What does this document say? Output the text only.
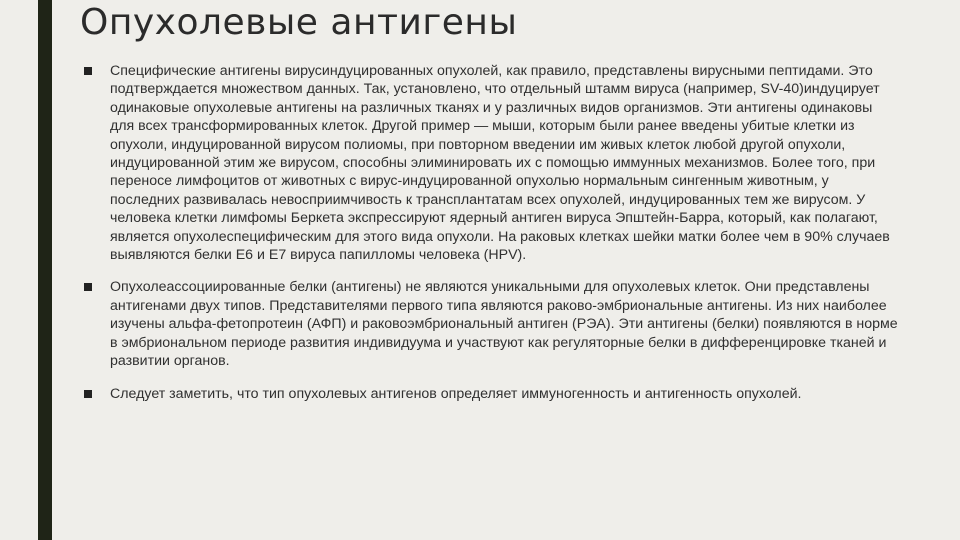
Опухолевые антигены
Специфические антигены вирусиндуцированных опухолей, как правило, представлены вирусными пептидами. Это подтверждается множеством данных. Так, установлено, что отдельный штамм вируса (например, SV-40)индуцирует одинаковые опухолевые антигены на различных тканях и у различных видов организмов. Эти антигены одинаковы для всех трансформированных клеток. Другой пример — мыши, которым были ранее введены убитые клетки из опухоли, индуцированной вирусом полиомы, при повторном введении им живых клеток любой другой опухоли, индуцированной этим же вирусом, способны элиминировать их с помощью иммунных механизмов. Более того, при переносе лимфоцитов от животных с вирус-индуцированной опухолью нормальным сингенным животным, у последних развивалась невосприимчивость к трансплантатам всех опухолей, индуцированных тем же вирусом. У человека клетки лимфомы Беркета экспрессируют ядерный антиген вируса Эпштейн-Барра, который, как полагают, является опухолеспецифическим для этого вида опухоли. На раковых клетках шейки матки более чем в 90% случаев выявляются белки Е6 и Е7 вируса папилломы человека (HPV).
Опухолеассоциированные белки (антигены) не являются уникальными для опухолевых клеток. Они представлены антигенами двух типов. Представителями первого типа являются раково-эмбриональные антигены. Из них наиболее изучены альфа-фетопротеин (АФП) и раковоэмбриональный антиген (РЭА). Эти антигены (белки) появляются в норме в эмбриональном периоде развития индивидуума и участвуют как регуляторные белки в дифференцировке тканей и развитии органов.
Следует заметить, что тип опухолевых антигенов определяет иммуногенность и антигенность опухолей.
